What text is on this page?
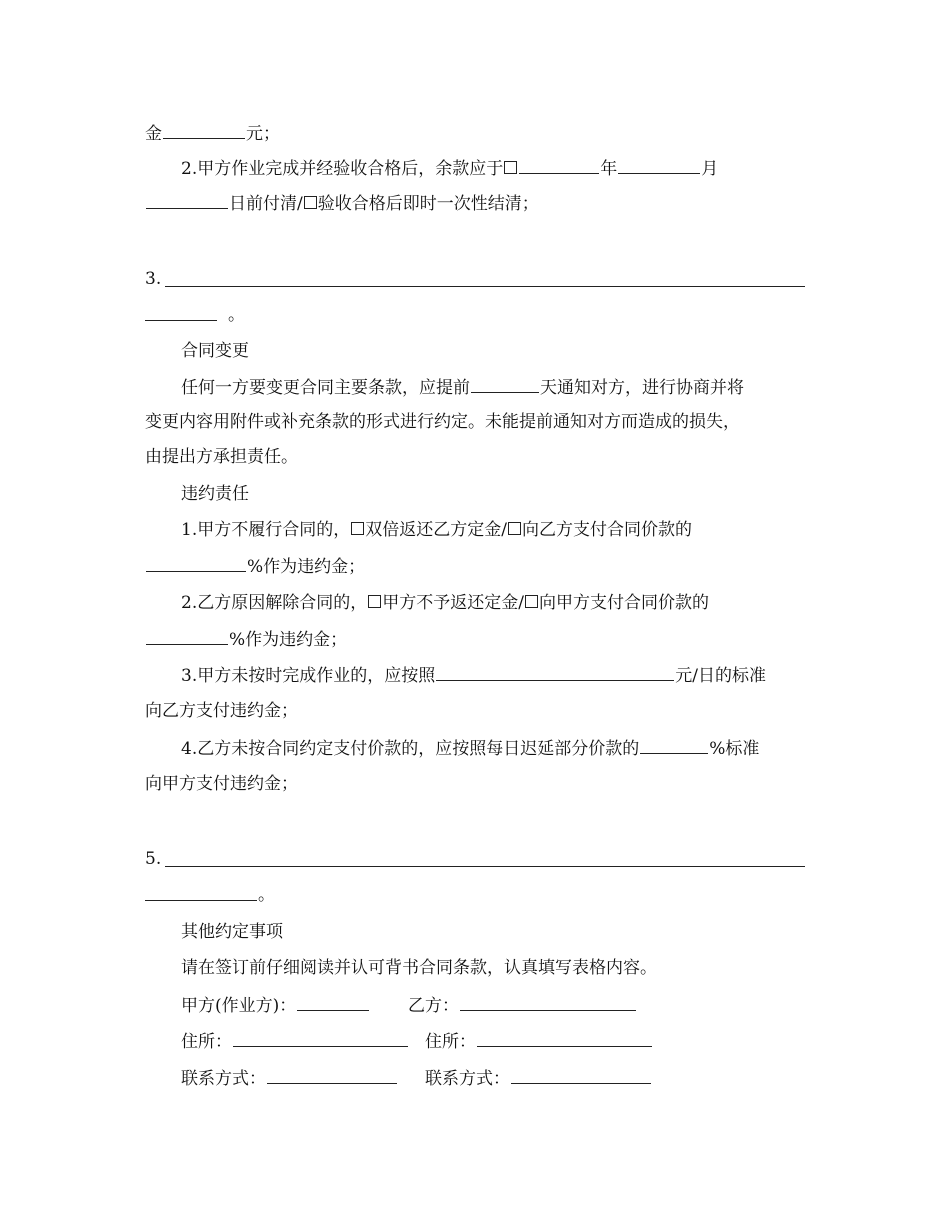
金	元；
2.甲方作业完成并经验收合格后，余款应于	年	月
日前付清/ 验收合格后即时一次性结清；
3.
。
合同变更
任何一方要变更合同主要条款，应提前	天通知对方，进行协商并将
变更内容用附件或补充条款的形式进行约定。未能提前通知对方而造成的损失，
由提出方承担责任。
违约责任
1.甲方不履行合同的， 双倍返还乙方定金/ 向乙方支付合同价款的
%作为违约金；
2.乙方原因解除合同的， 甲方不予返还定金/ 向甲方支付合同价款的
%作为违约金；
3.甲方未按时完成作业的，应按照	元/日的标准
向乙方支付违约金；
4.乙方未按合同约定支付价款的，应按照每日迟延部分价款的	%标准
向甲方支付违约金；
5.
。
其他约定事项
请在签订前仔细阅读并认可背书合同条款，认真填写表格内容。
甲方(作业方)：	乙方：
住所：	住所：
联系方式：	联系方式：
